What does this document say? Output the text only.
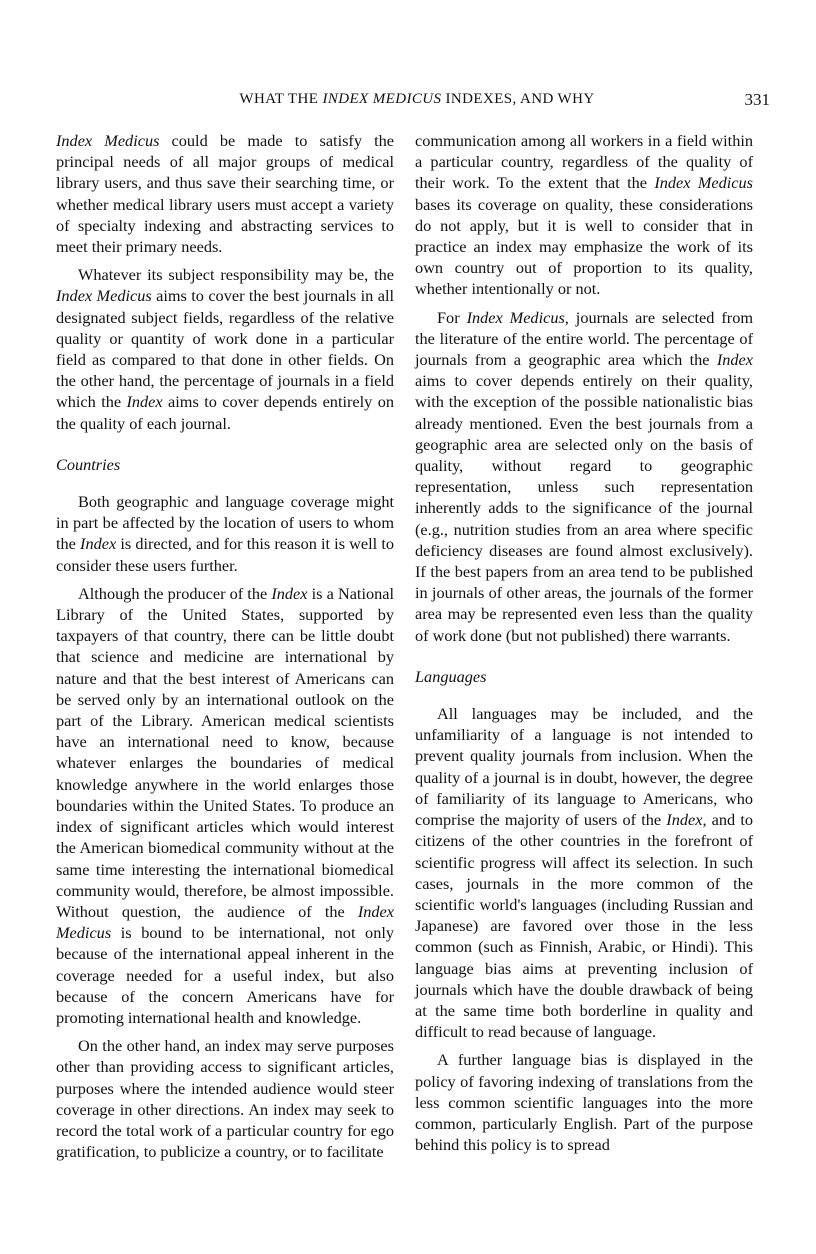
WHAT THE INDEX MEDICUS INDEXES, AND WHY	331

Index Medicus could be made to satisfy the principal needs of all major groups of medical library users, and thus save their searching time, or whether medical library users must accept a variety of specialty indexing and abstracting services to meet their primary needs.

Whatever its subject responsibility may be, the Index Medicus aims to cover the best journals in all designated subject fields, regardless of the relative quality or quantity of work done in a particular field as compared to that done in other fields. On the other hand, the percentage of journals in a field which the Index aims to cover depends entirely on the quality of each journal.

Countries

Both geographic and language coverage might in part be affected by the location of users to whom the Index is directed, and for this reason it is well to consider these users further.

Although the producer of the Index is a National Library of the United States, supported by taxpayers of that country, there can be little doubt that science and medicine are international by nature and that the best interest of Americans can be served only by an international outlook on the part of the Library. American medical scientists have an international need to know, because whatever enlarges the boundaries of medical knowledge anywhere in the world enlarges those boundaries within the United States. To produce an index of significant articles which would interest the American biomedical community without at the same time interesting the international biomedical community would, therefore, be almost impossible. Without question, the audience of the Index Medicus is bound to be international, not only because of the international appeal inherent in the coverage needed for a useful index, but also because of the concern Americans have for promoting international health and knowledge.

On the other hand, an index may serve purposes other than providing access to significant articles, purposes where the intended audience would steer coverage in other directions. An index may seek to record the total work of a particular country for ego gratification, to publicize a country, or to facilitate

communication among all workers in a field within a particular country, regardless of the quality of their work. To the extent that the Index Medicus bases its coverage on quality, these considerations do not apply, but it is well to consider that in practice an index may emphasize the work of its own country out of proportion to its quality, whether intentionally or not.

For Index Medicus, journals are selected from the literature of the entire world. The percentage of journals from a geographic area which the Index aims to cover depends entirely on their quality, with the exception of the possible nationalistic bias already mentioned. Even the best journals from a geographic area are selected only on the basis of quality, without regard to geographic representation, unless such representation inherently adds to the significance of the journal (e.g., nutrition studies from an area where specific deficiency diseases are found almost exclusively). If the best papers from an area tend to be published in journals of other areas, the journals of the former area may be represented even less than the quality of work done (but not published) there warrants.

Languages

All languages may be included, and the unfamiliarity of a language is not intended to prevent quality journals from inclusion. When the quality of a journal is in doubt, however, the degree of familiarity of its language to Americans, who comprise the majority of users of the Index, and to citizens of the other countries in the forefront of scientific progress will affect its selection. In such cases, journals in the more common of the scientific world's languages (including Russian and Japanese) are favored over those in the less common (such as Finnish, Arabic, or Hindi). This language bias aims at preventing inclusion of journals which have the double drawback of being at the same time both borderline in quality and difficult to read because of language.

A further language bias is displayed in the policy of favoring indexing of translations from the less common scientific languages into the more common, particularly English. Part of the purpose behind this policy is to spread
